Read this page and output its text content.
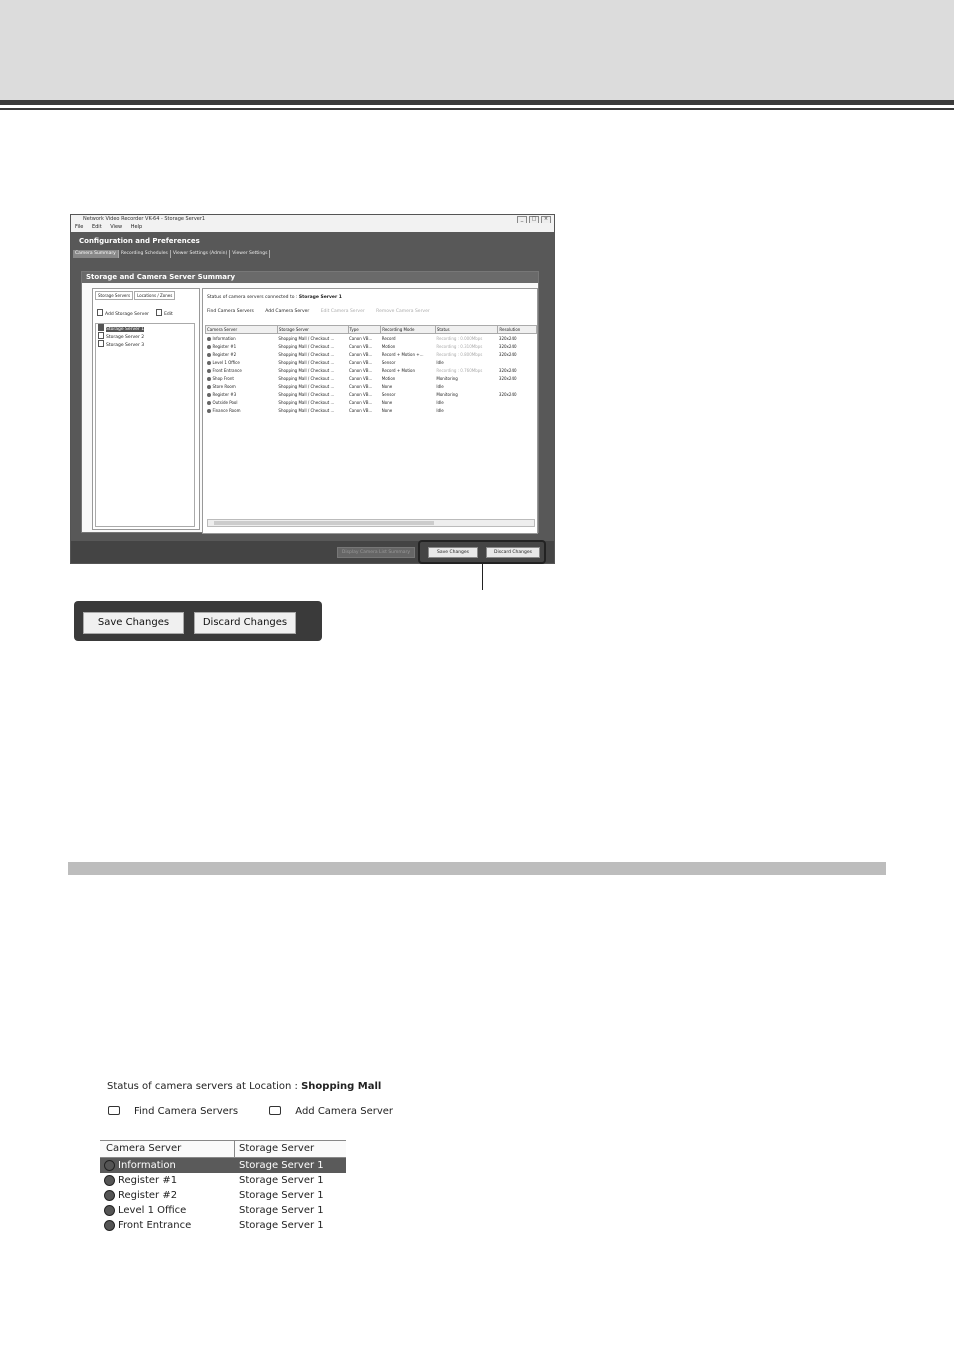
Network Video Recorder VK-64 - Storage Server1	_	□	×
File Edit View Help
Configuration and Preferences
Camera Summary Recording Schedules Viewer Settings (Admin) Viewer Settings
Storage and Camera Server Summary
Storage Servers Locations / Zones
Add Storage Server	Edit
Storage Server 1
Storage Server 2
Storage Server 3
Status of camera servers connected to : Storage Server 1
Find Camera Servers	Add Camera Server	Edit Camera Server	Remove Camera Server
Camera Server	Storage Server	Type	Recording Mode	Status	Resolution
Information	Shopping Mall / Checkout ...	Canon VB...	Record	Recording : 0.000Mbps	320x240
Register #1	Shopping Mall / Checkout ...	Canon VB...	Motion	Recording : 0.310Mbps	320x240
Register #2	Shopping Mall / Checkout ...	Canon VB...	Record + Motion +...	Recording : 0.800Mbps	320x240
Level 1 Office	Shopping Mall / Checkout ...	Canon VB...	Sensor	Idle	
Front Entrance	Shopping Mall / Checkout ...	Canon VB...	Record + Motion	Recording : 0.760Mbps	320x240
Shop Front	Shopping Mall / Checkout ...	Canon VB...	Motion	Monitoring	320x240
Store Room	Shopping Mall / Checkout ...	Canon VB...	None	Idle	
Register #3	Shopping Mall / Checkout ...	Canon VB...	Sensor	Monitoring	320x240
Outside Pool	Shopping Mall / Checkout ...	Canon VB...	None	Idle	
Finance Room	Shopping Mall / Checkout ...	Canon VB...	None	Idle	
Display Camera List Summary	Save Changes	Discard Changes
Save Changes	Discard Changes
Status of camera servers at Location : Shopping Mall
Find Camera Servers	Add Camera Server
Camera Server	Storage Server
Information	Storage Server 1
Register #1	Storage Server 1
Register #2	Storage Server 1
Level 1 Office	Storage Server 1
Front Entrance	Storage Server 1
